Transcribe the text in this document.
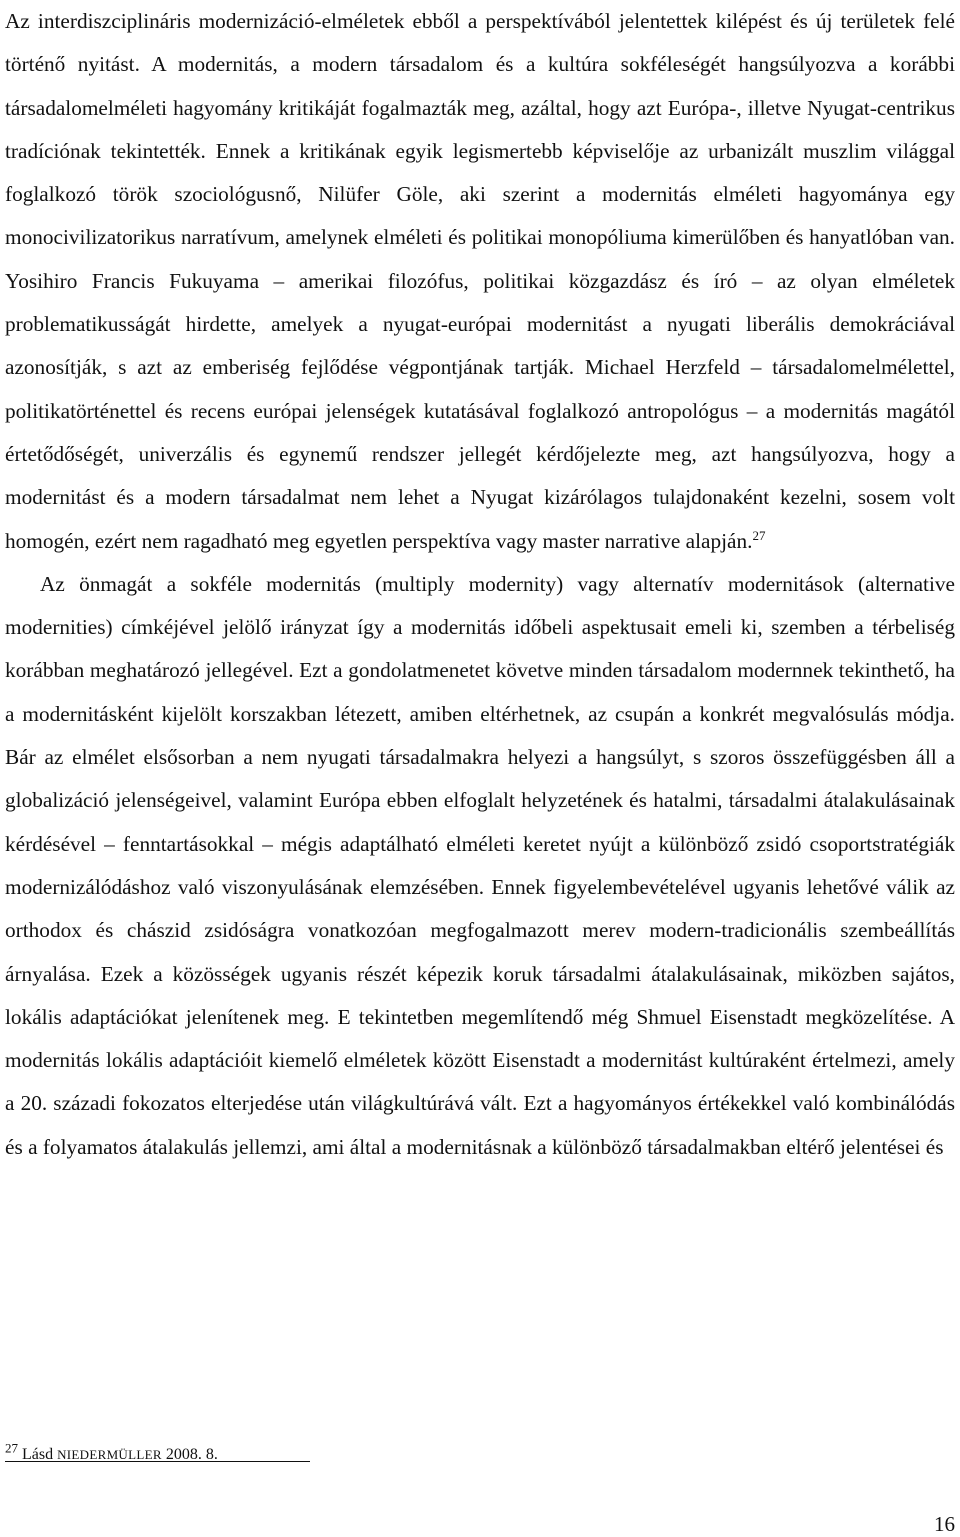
Az interdiszciplináris modernizáció-elméletek ebből a perspektívából jelentettek kilépést és új területek felé történő nyitást. A modernitás, a modern társadalom és a kultúra sokféleségét hangsúlyozva a korábbi társadalomelméleti hagyomány kritikáját fogalmazták meg, azáltal, hogy azt Európa-, illetve Nyugat-centrikus tradíciónak tekintették. Ennek a kritikának egyik legismertebb képviselője az urbanizált muszlim világgal foglalkozó török szociológusnő, Nilüfer Göle, aki szerint a modernitás elméleti hagyománya egy monocivilizatorikus narratívum, amelynek elméleti és politikai monopóliuma kimerülőben és hanyatlóban van. Yosihiro Francis Fukuyama – amerikai filozófus, politikai közgazdász és író – az olyan elméletek problematikusságát hirdette, amelyek a nyugat-európai modernitást a nyugati liberális demokráciával azonosítják, s azt az emberiség fejlődése végpontjának tartják. Michael Herzfeld – társadalomelmélettel, politikatörténettel és recens európai jelenségek kutatásával foglalkozó antropológus – a modernitás magától értetődőségét, univerzális és egynemű rendszer jellegét kérdőjelezte meg, azt hangsúlyozva, hogy a modernitást és a modern társadalmat nem lehet a Nyugat kizárólagos tulajdonaként kezelni, sosem volt homogén, ezért nem ragadható meg egyetlen perspektíva vagy master narrative alapján.$^{27}$

Az önmagát a sokféle modernitás (multiply modernity) vagy alternatív modernitások (alternative modernities) címkéjével jelölő irányzat így a modernitás időbeli aspektusait emeli ki, szemben a térbeliség korábban meghatározó jellegével. Ezt a gondolatmenetet követve minden társadalom modernnek tekinthető, ha a modernitásként kijelölt korszakban létezett, amiben eltérhetnek, az csupán a konkrét megvalósulás módja. Bár az elmélet elsősorban a nem nyugati társadalmakra helyezi a hangsúlyt, s szoros összefüggésben áll a globalizáció jelenségeivel, valamint Európa ebben elfoglalt helyzetének és hatalmi, társadalmi átalakulásainak kérdésével – fenntartásokkal – mégis adaptálható elméleti keretet nyújt a különböző zsidó csoportstratégiák modernizálódáshoz való viszonyulásának elemzésében. Ennek figyelembevételével ugyanis lehetővé válik az orthodox és chászid zsidóságra vonatkozóan megfogalmazott merev modern-tradicionális szembeállítás árnyalása. Ezek a közösségek ugyanis részét képezik koruk társadalmi átalakulásainak, miközben sajátos, lokális adaptációkat jelenítenek meg. E tekintetben megemlítendő még Shmuel Eisenstadt megközelítése. A modernitás lokális adaptációit kiemelő elméletek között Eisenstadt a modernitást kultúraként értelmezi, amely a 20. századi fokozatos elterjedése után világkultúrává vált. Ezt a hagyományos értékekkel való kombinálódás és a folyamatos átalakulás jellemzi, ami által a modernitásnak a különböző társadalmakban eltérő jelentései és

$^{27}$ Lásd NIEDERMÜLLER 2008. 8.
16
